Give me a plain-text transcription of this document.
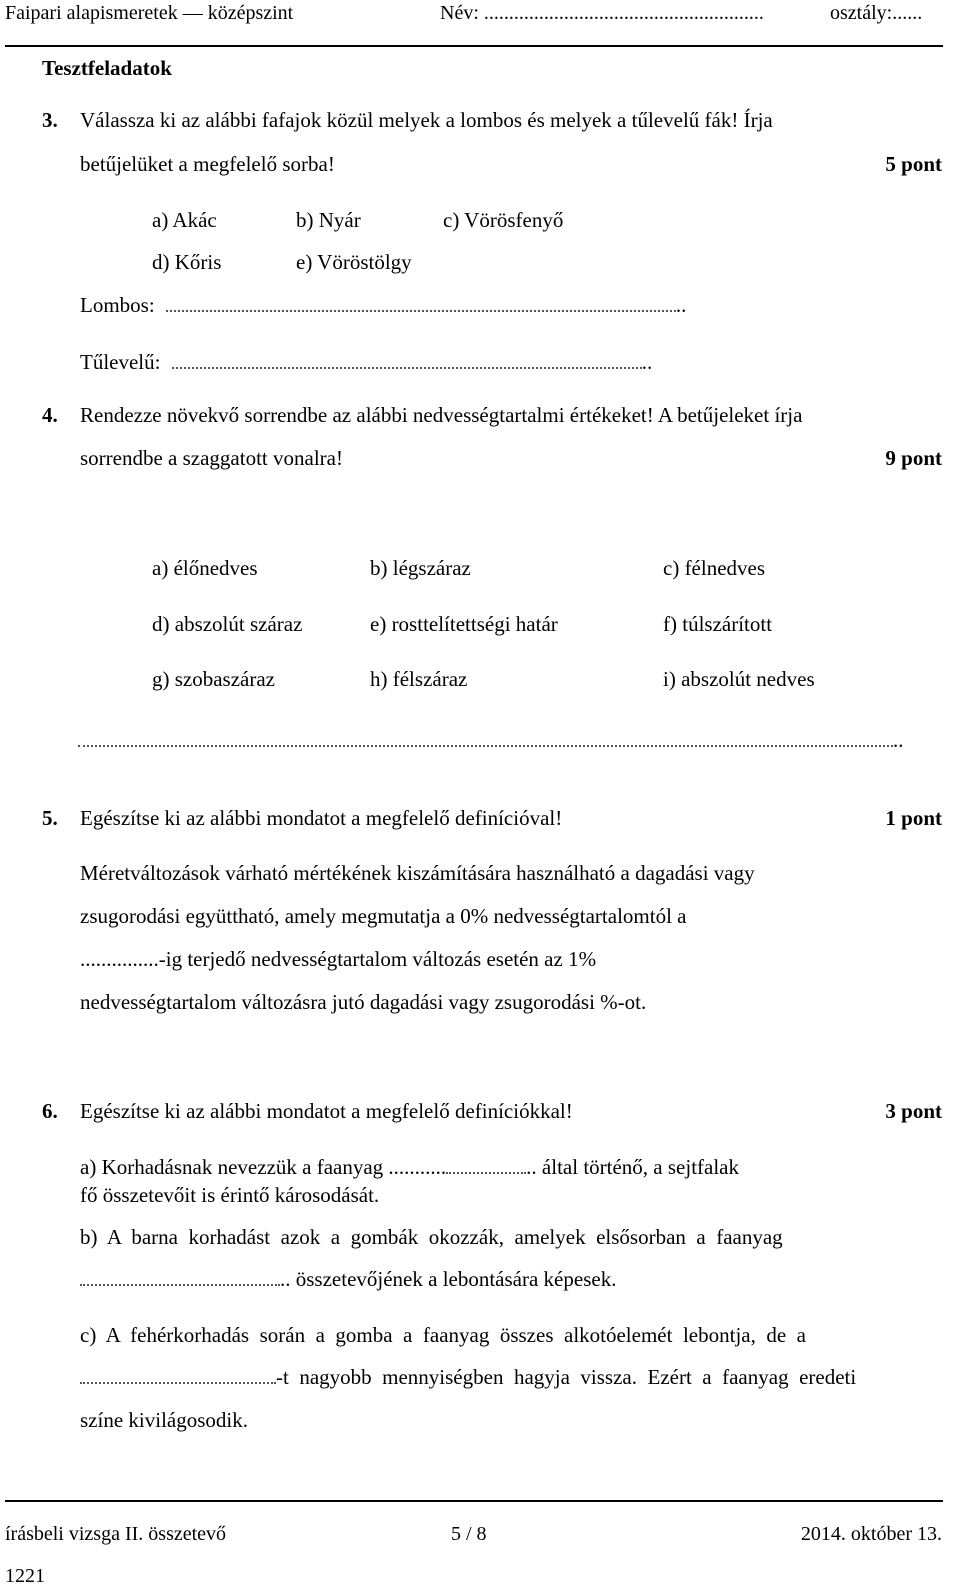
Faipari alapismeretek — középszint	Név: ........................................................	osztály:......
Tesztfeladatok
3. Válassza ki az alábbi fafajok közül melyek a lombos és melyek a tűlevelű fák! Írja
betűjelüket a megfelelő sorba!	5 pont
a) Akác	b) Nyár	c) Vörösfenyő
d) Kőris	e) Vöröstölgy
Lombos:	..
Tűlevelű:	..
4. Rendezze növekvő sorrendbe az alábbi nedvességtartalmi értékeket! A betűjeleket írja
sorrendbe a szaggatott vonalra!	9 pont
a) élőnedves	b) légszáraz	c) félnedves
d) abszolút száraz	e) rosttelítettségi határ	f) túlszárított
g) szobaszáraz	h) félszáraz	i) abszolút nedves
..
5. Egészítse ki az alábbi mondatot a megfelelő definícióval!	1 pont
Méretváltozások várható mértékének kiszámítására használható a dagadási vagy
zsugorodási együttható, amely megmutatja a 0% nedvességtartalomtól a
...............-ig terjedő nedvességtartalom változás esetén az 1%
nedvességtartalom változásra jutó dagadási vagy zsugorodási %-ot.
6. Egészítse ki az alábbi mondatot a megfelelő definíciókkal!	3 pont
a) Korhadásnak nevezzük a faanyag ...........	.. által történő, a sejtfalak
fő összetevőit is érintő károsodását.
b)  A  barna  korhadást  azok  a  gombák  okozzák,  amelyek  elsősorban  a  faanyag
.. összetevőjének a lebontására képesek.
c)  A  fehérkorhadás  során  a  gomba  a  faanyag  összes  alkotóelemét  lebontja,  de  a
-t  nagyobb  mennyiségben  hagyja  vissza.  Ezért  a  faanyag  eredeti
színe kivilágosodik.
írásbeli vizsga II. összetevő
1221
5 / 8	2014. október 13.
